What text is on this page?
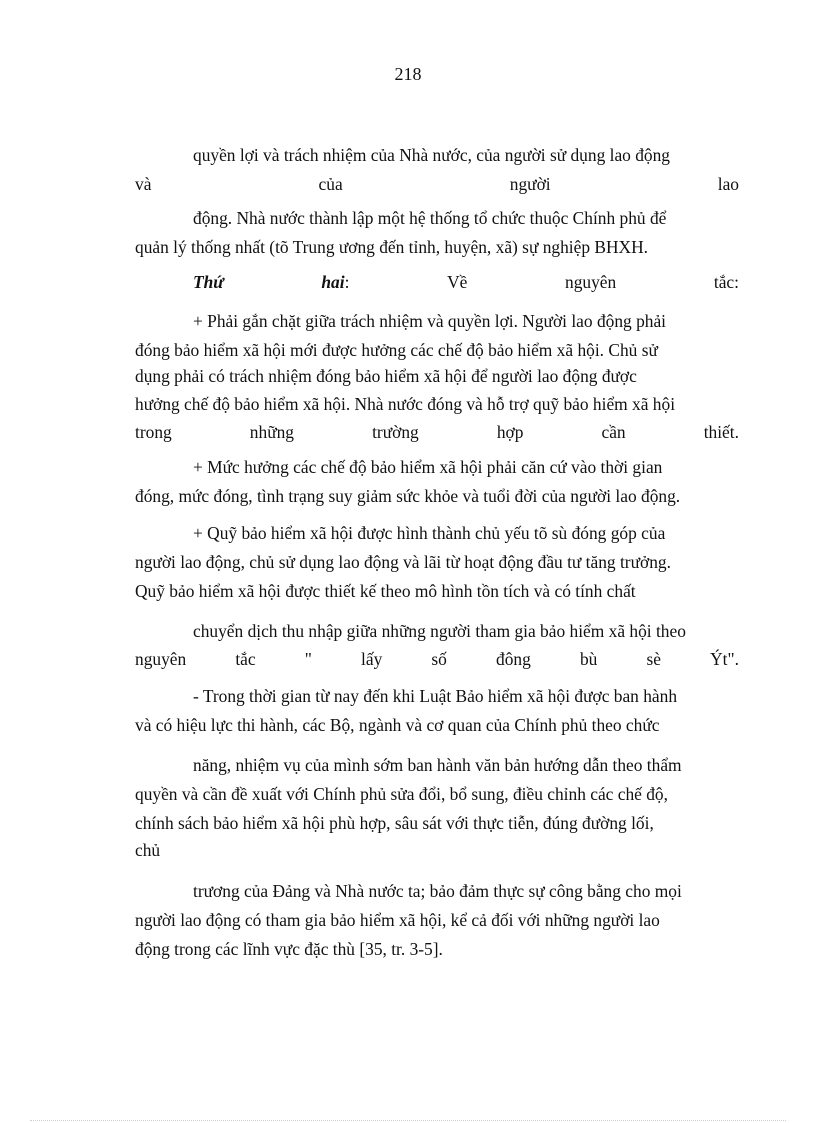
218
quyền lợi và trách nhiệm của Nhà nước, của người sử dụng lao động
và	của	người	lao
động. Nhà nước thành lập một hệ thống tổ chức thuộc Chính phủ để
quản lý thống nhất (tõ Trung ương đến tỉnh, huyện, xã) sự nghiệp BHXH.
Thứ	hai:	Về	nguyên	tắc:
+ Phải gắn chặt giữa trách nhiệm và quyền lợi. Người lao động phải
đóng bảo hiểm xã hội mới được hưởng các chế độ bảo hiểm xã hội. Chủ sử
dụng phải có trách nhiệm đóng bảo hiểm xã hội để người lao động được
hưởng chế độ bảo hiểm xã hội. Nhà nước đóng và hỗ trợ quỹ bảo hiểm xã hội
trong	những	trường	hợp	cần	thiết.
+ Mức hưởng các chế độ bảo hiểm xã hội phải căn cứ vào thời gian
đóng, mức đóng, tình trạng suy giảm sức khỏe và tuổi đời của người lao động.
+ Quỹ bảo hiểm xã hội được hình thành chủ yếu tõ sù đóng góp của
người lao động, chủ sử dụng lao động và lãi từ hoạt động đầu tư tăng trưởng.
Quỹ bảo hiểm xã hội được thiết kế theo mô hình tồn tích và có tính chất
chuyển dịch thu nhập giữa những người tham gia bảo hiểm xã hội theo
nguyên	tắc	"	lấy	số	đông	bù	sè	Ýt".
- Trong thời gian từ nay đến khi Luật Bảo hiểm xã hội được ban hành
và có hiệu lực thi hành, các Bộ, ngành và cơ quan của Chính phủ theo chức
năng, nhiệm vụ của mình sớm ban hành văn bản hướng dẫn theo thẩm
quyền và cần đề xuất với Chính phủ sửa đổi, bổ sung, điều chỉnh các chế độ,
chính sách bảo hiểm xã hội phù hợp, sâu sát với thực tiễn, đúng đường lối,
chủ
trương của Đảng và Nhà nước ta; bảo đảm thực sự công bằng cho mọi
người lao động có tham gia bảo hiểm xã hội, kể cả đối với những người lao
động trong các lĩnh vực đặc thù [35, tr. 3-5].
